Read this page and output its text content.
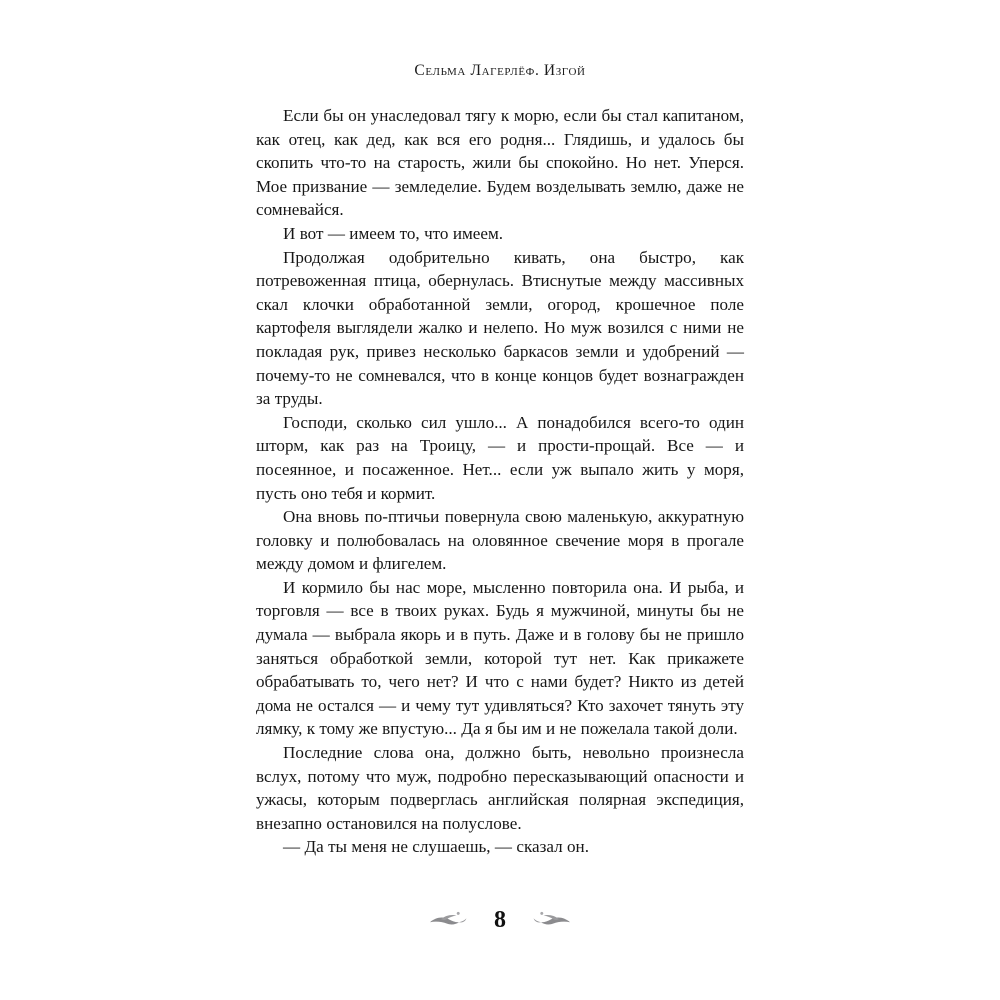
Сельма Лагерлёф. Изгой

Если бы он унаследовал тягу к морю, если бы стал капитаном, как отец, как дед, как вся его родня... Глядишь, и удалось бы скопить что-то на старость, жили бы спокойно. Но нет. Уперся. Мое призвание — земледелие. Будем возделывать землю, даже не сомневайся.

И вот — имеем то, что имеем.

Продолжая одобрительно кивать, она быстро, как потревоженная птица, обернулась. Втиснутые между массивных скал клочки обработанной земли, огород, крошечное поле картофеля выглядели жалко и нелепо. Но муж возился с ними не покладая рук, привез несколько баркасов земли и удобрений — почему-то не сомневался, что в конце концов будет вознагражден за труды.

Господи, сколько сил ушло... А понадобился всего-то один шторм, как раз на Троицу, — и прости-прощай. Все — и посеянное, и посаженное. Нет... если уж выпало жить у моря, пусть оно тебя и кормит.

Она вновь по-птичьи повернула свою маленькую, аккуратную головку и полюбовалась на оловянное свечение моря в прогале между домом и флигелем.

И кормило бы нас море, мысленно повторила она. И рыба, и торговля — все в твоих руках. Будь я мужчиной, минуты бы не думала — выбрала якорь и в путь. Даже и в голову бы не пришло заняться обработкой земли, которой тут нет. Как прикажете обрабатывать то, чего нет? И что с нами будет? Никто из детей дома не остался — и чему тут удивляться? Кто захочет тянуть эту лямку, к тому же впустую... Да я бы им и не пожелала такой доли.

Последние слова она, должно быть, невольно произнесла вслух, потому что муж, подробно пересказывающий опасности и ужасы, которым подверглась английская полярная экспедиция, внезапно остановился на полуслове.

— Да ты меня не слушаешь, — сказал он.

8
